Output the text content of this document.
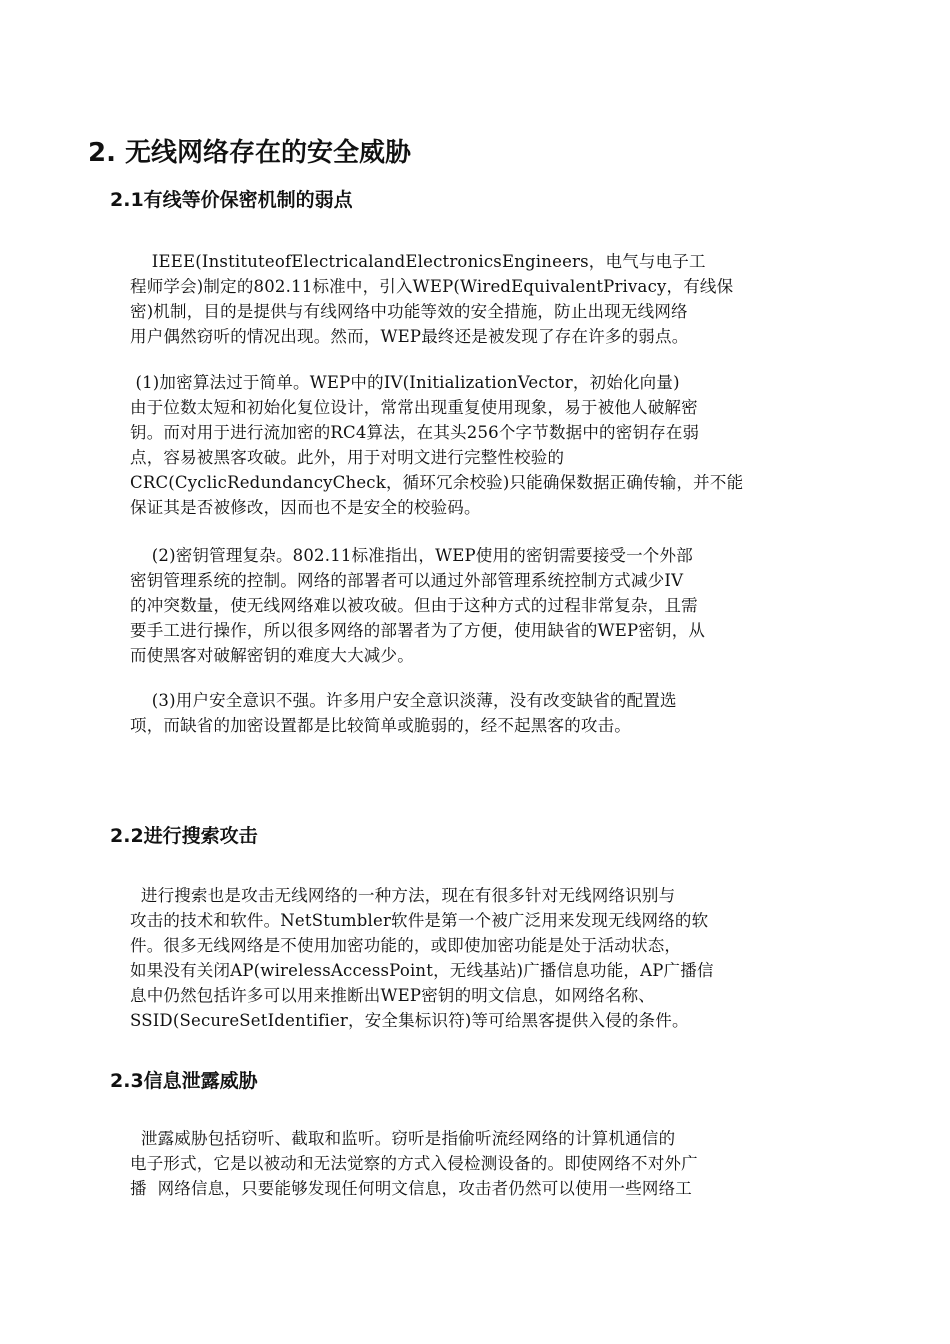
2. 无线网络存在的安全威胁
2.1有线等价保密机制的弱点
IEEE(InstituteofElectricalandElectronicsEngineers，电气与电子工
程师学会)制定的802.11标准中，引入WEP(WiredEquivalentPrivacy，有线保
密)机制，目的是提供与有线网络中功能等效的安全措施，防止出现无线网络
用户偶然窃听的情况出现。然而，WEP最终还是被发现了存在许多的弱点。
(1)加密算法过于简单。WEP中的IV(InitializationVector，初始化向量)
由于位数太短和初始化复位设计，常常出现重复使用现象，易于被他人破解密
钥。而对用于进行流加密的RC4算法，在其头256个字节数据中的密钥存在弱
点，容易被黑客攻破。此外，用于对明文进行完整性校验的
CRC(CyclicRedundancyCheck，循环冗余校验)只能确保数据正确传输，并不能
保证其是否被修改，因而也不是安全的校验码。
(2)密钥管理复杂。802.11标准指出，WEP使用的密钥需要接受一个外部
密钥管理系统的控制。网络的部署者可以通过外部管理系统控制方式减少IV
的冲突数量，使无线网络难以被攻破。但由于这种方式的过程非常复杂，且需
要手工进行操作，所以很多网络的部署者为了方便，使用缺省的WEP密钥，从
而使黑客对破解密钥的难度大大减少。
(3)用户安全意识不强。许多用户安全意识淡薄，没有改变缺省的配置选
项，而缺省的加密设置都是比较简单或脆弱的，经不起黑客的攻击。
2.2进行搜索攻击
进行搜索也是攻击无线网络的一种方法，现在有很多针对无线网络识别与
攻击的技术和软件。NetStumbler软件是第一个被广泛用来发现无线网络的软
件。很多无线网络是不使用加密功能的，或即使加密功能是处于活动状态，
如果没有关闭AP(wirelessAccessPoint，无线基站)广播信息功能，AP广播信
息中仍然包括许多可以用来推断出WEP密钥的明文信息，如网络名称、
SSID(SecureSetIdentifier，安全集标识符)等可给黑客提供入侵的条件。
2.3信息泄露威胁
泄露威胁包括窃听、截取和监听。窃听是指偷听流经网络的计算机通信的
电子形式，它是以被动和无法觉察的方式入侵检测设备的。即使网络不对外广
播  网络信息，只要能够发现任何明文信息，攻击者仍然可以使用一些网络工
